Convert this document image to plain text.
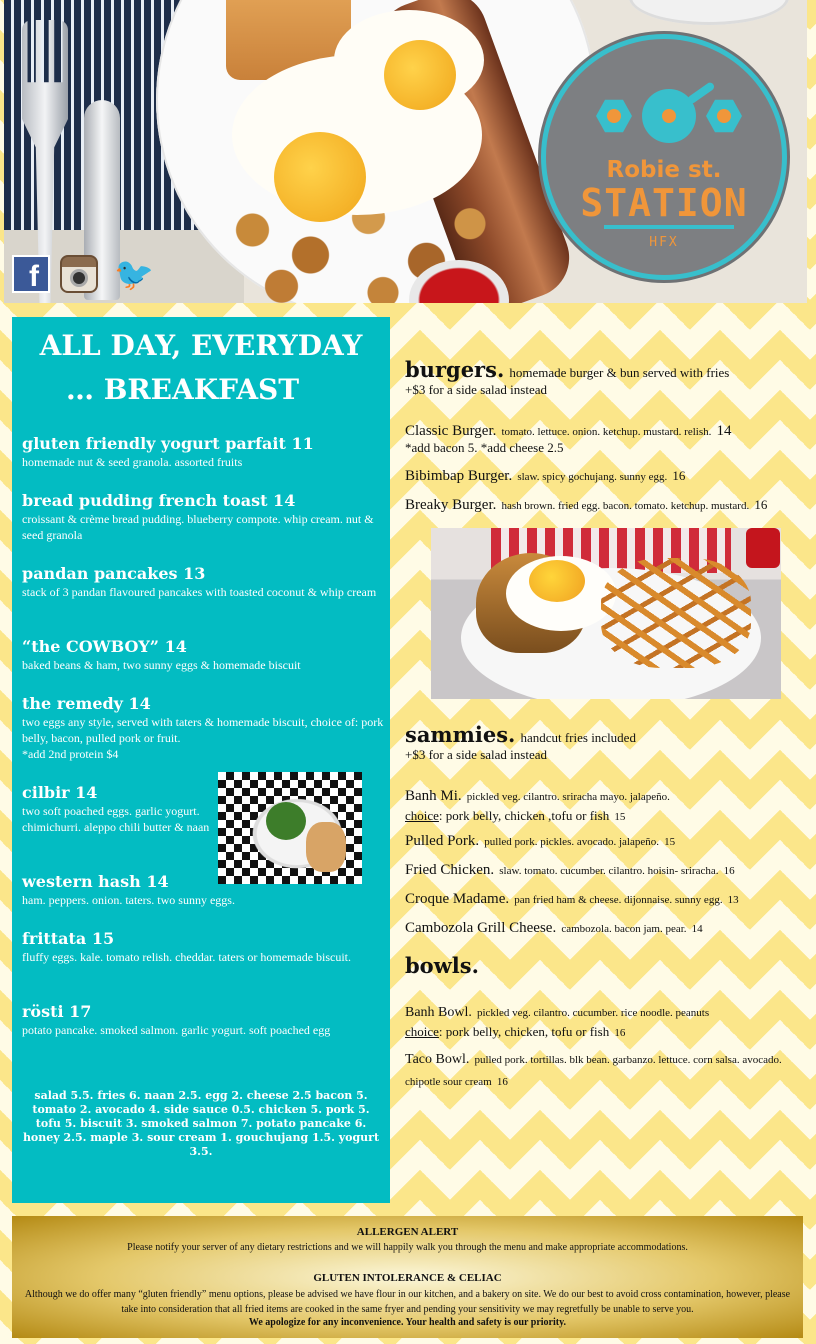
f 🐦
Robie st.
STATION
HFX
ALL DAY, EVERYDAY
… BREAKFAST
gluten friendly yogurt parfait 11
homemade nut & seed granola. assorted fruits
bread pudding french toast 14
croissant & crème bread pudding. blueberry compote. whip cream. nut & seed granola
pandan pancakes 13
stack of 3 pandan flavoured pancakes with toasted coconut & whip cream
“the COWBOY” 14
baked beans & ham, two sunny eggs & homemade biscuit
the remedy 14
two eggs any style, served with taters & homemade biscuit, choice of: pork belly, bacon, pulled pork or fruit.
*add 2nd protein $4
cilbir 14
two soft poached eggs. garlic yogurt. chimichurri. aleppo chili butter & naan
western hash 14
ham. peppers. onion. taters. two sunny eggs.
frittata 15
fluffy eggs. kale. tomato relish. cheddar. taters or homemade biscuit.
rösti 17
potato pancake. smoked salmon. garlic yogurt. soft poached egg
salad 5.5. fries 6. naan 2.5. egg 2. cheese 2.5 bacon 5. tomato 2. avocado 4. side sauce 0.5. chicken 5. pork 5. tofu 5. biscuit 3. smoked salmon 7. potato pancake 6. honey 2.5. maple 3. sour cream 1. gouchujang 1.5. yogurt 3.5.
burgers. homemade burger & bun served with fries
+$3 for a side salad instead
Classic Burger. tomato. lettuce. onion. ketchup. mustard. relish. 14
*add bacon 5. *add cheese 2.5
Bibimbap Burger. slaw. spicy gochujang. sunny egg. 16
Breaky Burger. hash brown. fried egg. bacon. tomato. ketchup. mustard. 16
sammies. handcut fries included
+$3 for a side salad instead
Banh Mi. pickled veg. cilantro. sriracha mayo. jalapeño.
choice: pork belly, chicken ,tofu or fish 15
Pulled Pork. pulled pork. pickles. avocado. jalapeño. 15
Fried Chicken. slaw. tomato. cucumber. cilantro. hoisin- sriracha. 16
Croque Madame. pan fried ham & cheese. dijonnaise. sunny egg. 13
Cambozola Grill Cheese. cambozola. bacon jam. pear. 14
bowls.
Banh Bowl. pickled veg. cilantro. cucumber. rice noodle. peanuts
choice: pork belly, chicken, tofu or fish 16
Taco Bowl. pulled pork. tortillas. blk bean. garbanzo. lettuce. corn salsa. avocado. chipotle sour cream 16
ALLERGEN ALERT
Please notify your server of any dietary restrictions and we will happily walk you through the menu and make appropriate accommodations.
GLUTEN INTOLERANCE & CELIAC
Although we do offer many “gluten friendly” menu options, please be advised we have flour in our kitchen, and a bakery on site. We do our best to avoid cross contamination, however, please take into consideration that all fried items are cooked in the same fryer and pending your sensitivity we may regretfully be unable to serve you.
We apologize for any inconvenience. Your health and safety is our priority.
